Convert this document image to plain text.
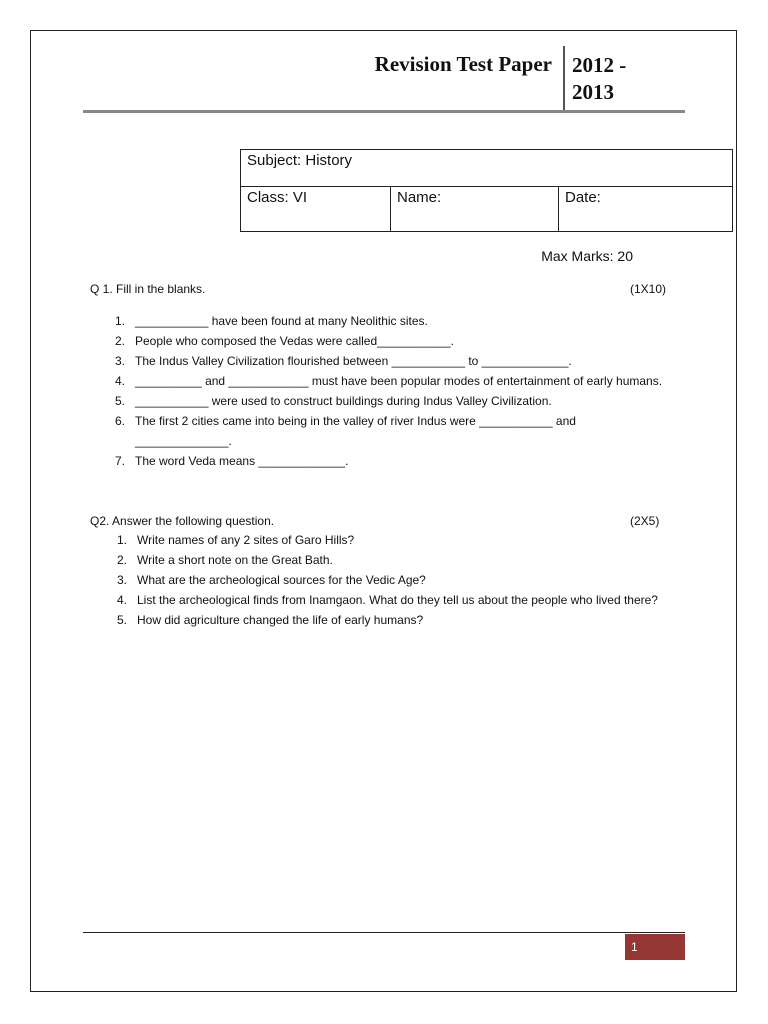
Revision Test Paper 2012 -
2013
Subject: History
Class: VI	Name:	Date:
Max Marks: 20
Q 1. Fill in the blanks.	(1X10)
1. ___________ have been found at many Neolithic sites.
2. People who composed the Vedas were called___________.
3. The Indus Valley Civilization flourished between ___________ to _____________.
4. __________ and ____________ must have been popular modes of entertainment of early humans.
5. ___________ were used to construct buildings during Indus Valley Civilization.
6. The first 2 cities came into being in the valley of river Indus were ___________ and ______________.
7. The word Veda means _____________.
Q2. Answer the following question.	(2X5)
1. Write names of any 2 sites of Garo Hills?
2. Write a short note on the Great Bath.
3. What are the archeological sources for the Vedic Age?
4. List the archeological finds from Inamgaon. What do they tell us about the people who lived there?
5. How did agriculture changed the life of early humans?
1
